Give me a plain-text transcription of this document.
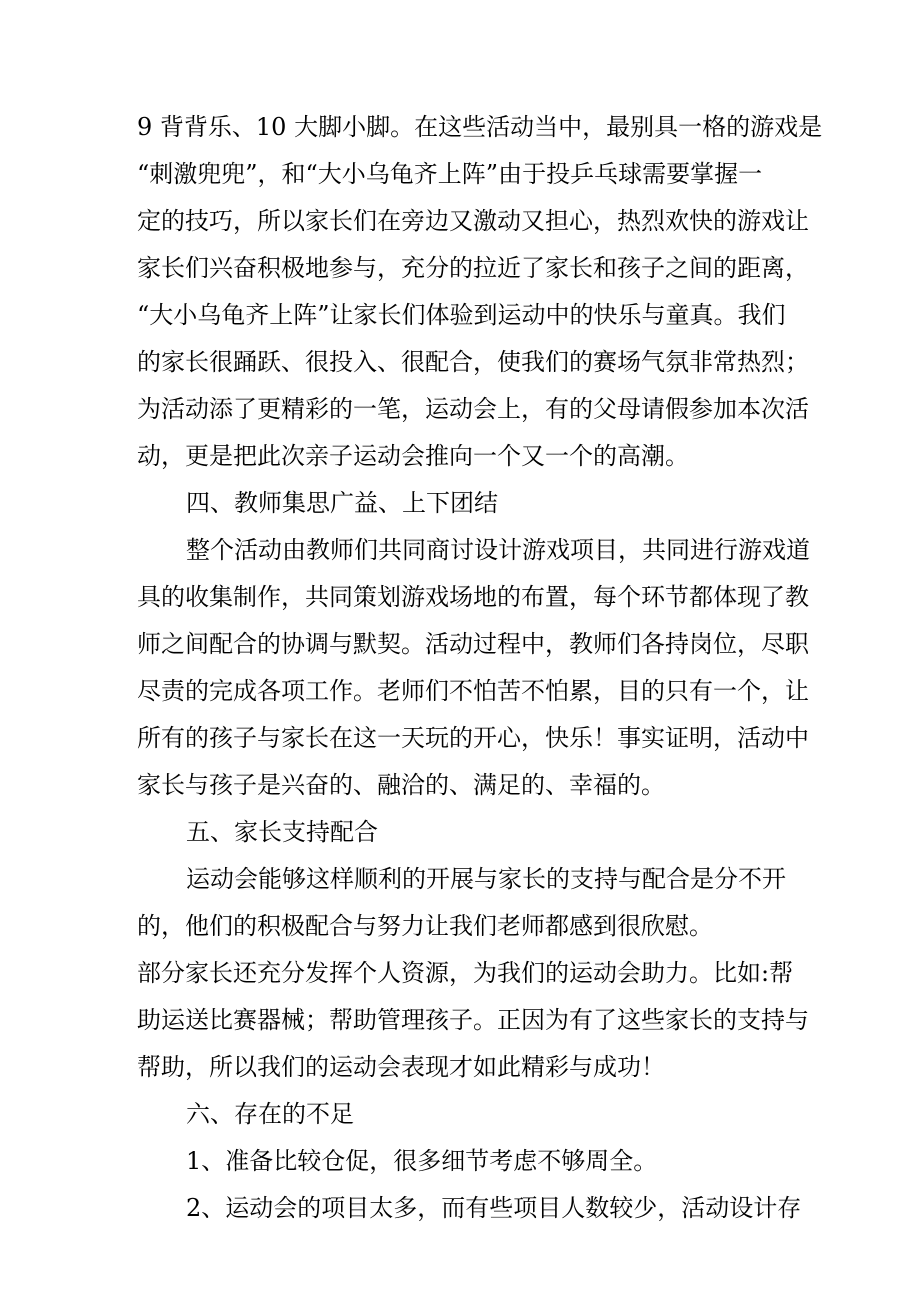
9 背背乐、10 大脚小脚。在这些活动当中，最别具一格的游戏是
“刺激兜兜”，和“大小乌龟齐上阵”由于投乒乓球需要掌握一
定的技巧，所以家长们在旁边又激动又担心，热烈欢快的游戏让
家长们兴奋积极地参与，充分的拉近了家长和孩子之间的距离，
“大小乌龟齐上阵”让家长们体验到运动中的快乐与童真。我们
的家长很踊跃、很投入、很配合，使我们的赛场气氛非常热烈；
为活动添了更精彩的一笔，运动会上，有的父母请假参加本次活
动，更是把此次亲子运动会推向一个又一个的高潮。
四、教师集思广益、上下团结
整个活动由教师们共同商讨设计游戏项目，共同进行游戏道
具的收集制作，共同策划游戏场地的布置，每个环节都体现了教
师之间配合的协调与默契。活动过程中，教师们各持岗位，尽职
尽责的完成各项工作。老师们不怕苦不怕累，目的只有一个，让
所有的孩子与家长在这一天玩的开心，快乐！事实证明，活动中
家长与孩子是兴奋的、融洽的、满足的、幸福的。
五、家长支持配合
运动会能够这样顺利的开展与家长的支持与配合是分不开
的，他们的积极配合与努力让我们老师都感到很欣慰。
部分家长还充分发挥个人资源，为我们的运动会助力。比如:帮
助运送比赛器械；帮助管理孩子。正因为有了这些家长的支持与
帮助，所以我们的运动会表现才如此精彩与成功！
六、存在的不足
1、准备比较仓促，很多细节考虑不够周全。
2、运动会的项目太多，而有些项目人数较少，活动设计存
